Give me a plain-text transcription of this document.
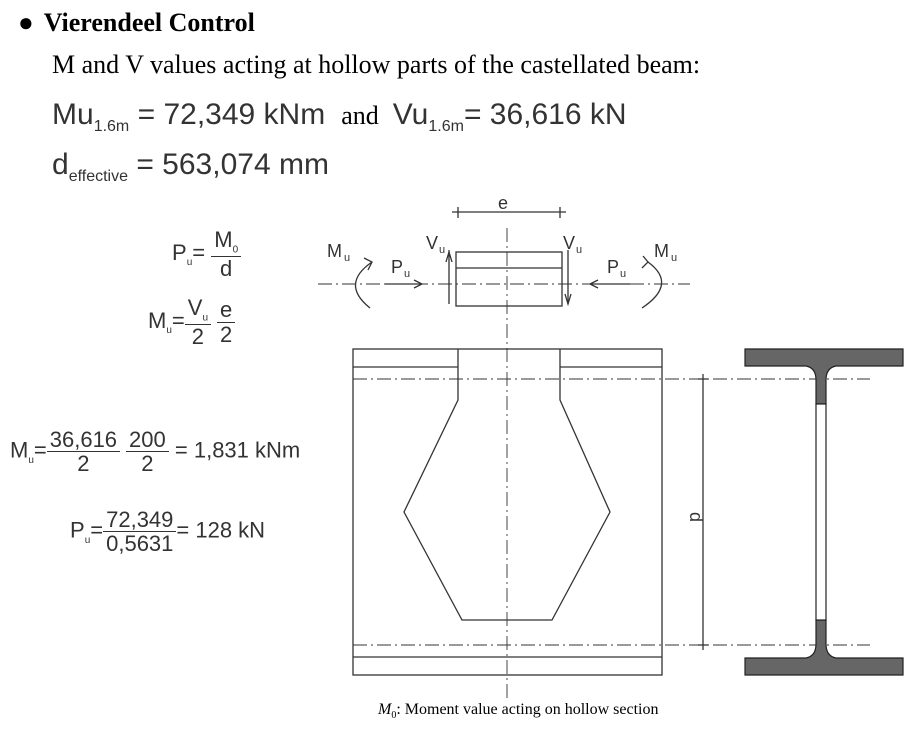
● Vierendeel Control
M and V values acting at hollow parts of the castellated beam:
$Mu_{1.6m} = 72,349$ kNm and $Vu_{1.6m}= 36,616$ kN
$d_{effective} = 563,074$ mm
$P_u= \frac{M_0}{d}$
$M_u= \frac{V_u}{2} \frac{e}{2}$
$M_u= \frac{36,616}{2} \frac{200}{2} = 1,831$ kNm
$P_u= \frac{72,349}{0,5631} = 128$ kN
e
M u
V u
P u
V u
P u
M u
d
$M_0$: Moment value acting on hollow section
